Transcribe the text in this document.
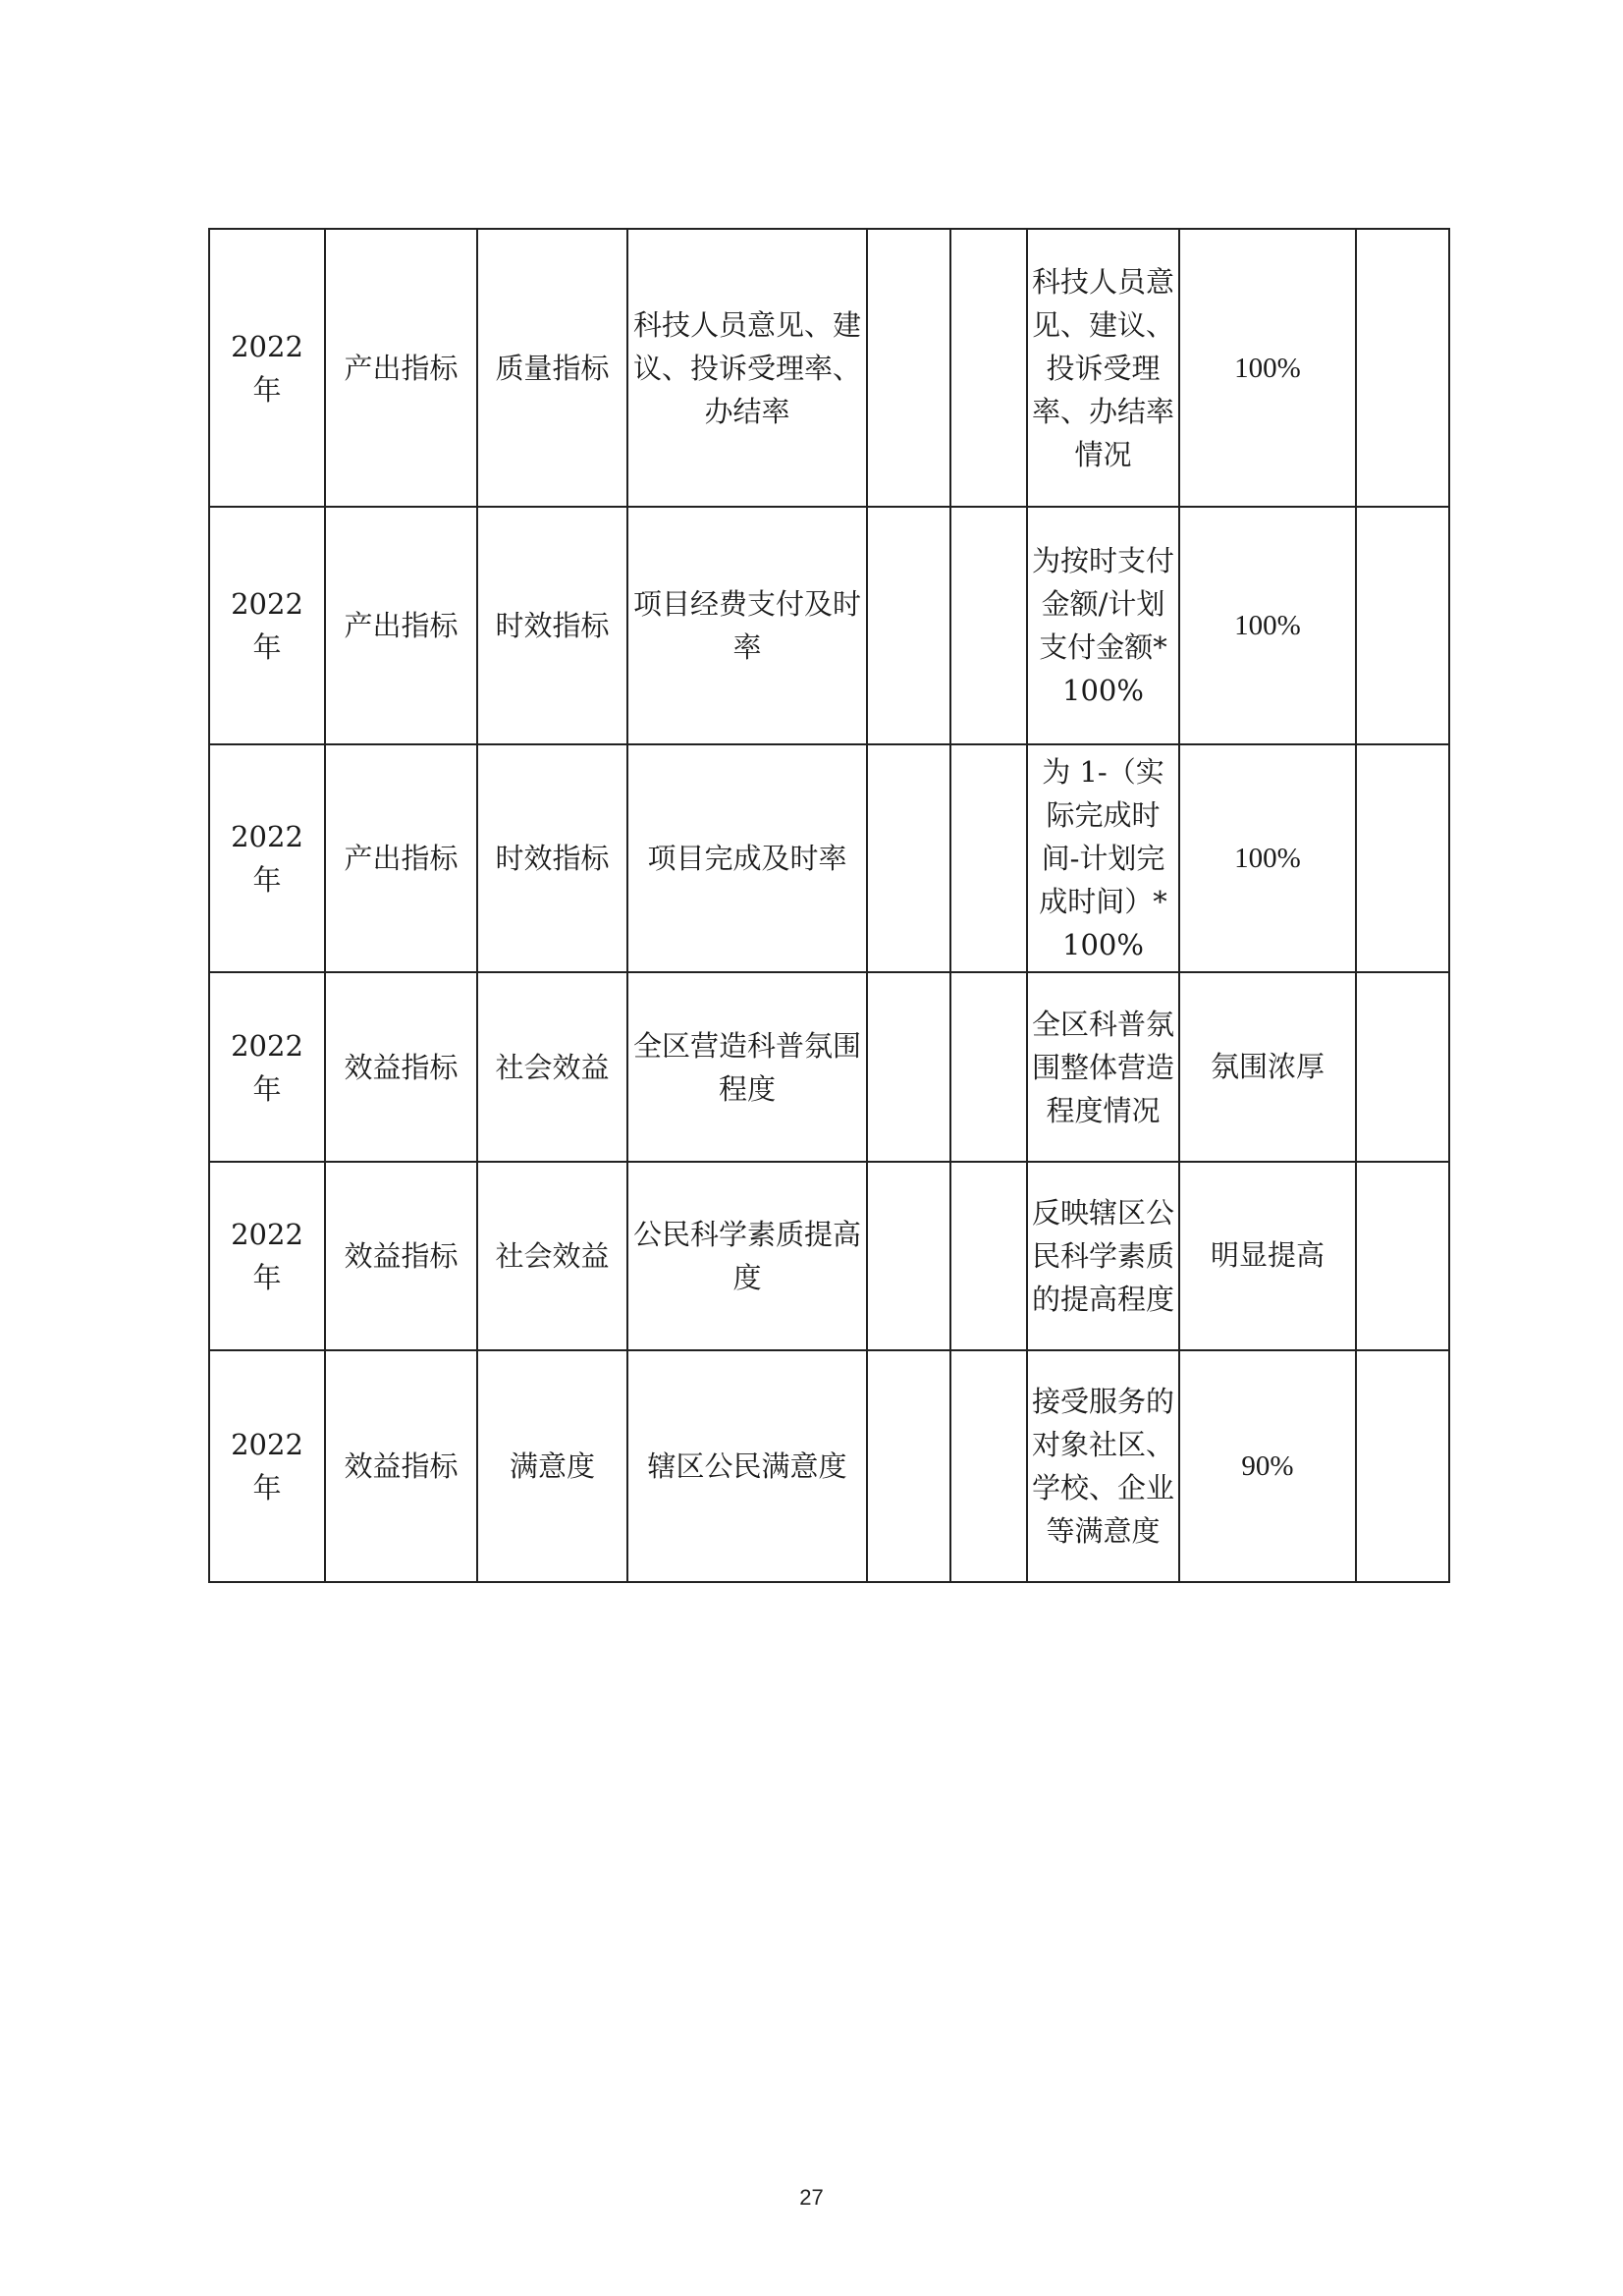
2022 年	产出指标	质量指标	科技人员意见、建议、投诉受理率、办结率			科技人员意见、建议、投诉受理率、办结率情况	100%	
2022 年	产出指标	时效指标	项目经费支付及时率			为按时支付金额/计划支付金额*100%	100%	
2022 年	产出指标	时效指标	项目完成及时率			为 1-（实际完成时间-计划完成时间）*100%	100%	
2022 年	效益指标	社会效益	全区营造科普氛围程度			全区科普氛围整体营造程度情况	氛围浓厚	
2022 年	效益指标	社会效益	公民科学素质提高度			反映辖区公民科学素质的提高程度	明显提高	
2022 年	效益指标	满意度	辖区公民满意度			接受服务的对象社区、学校、企业等满意度	90%	
27
